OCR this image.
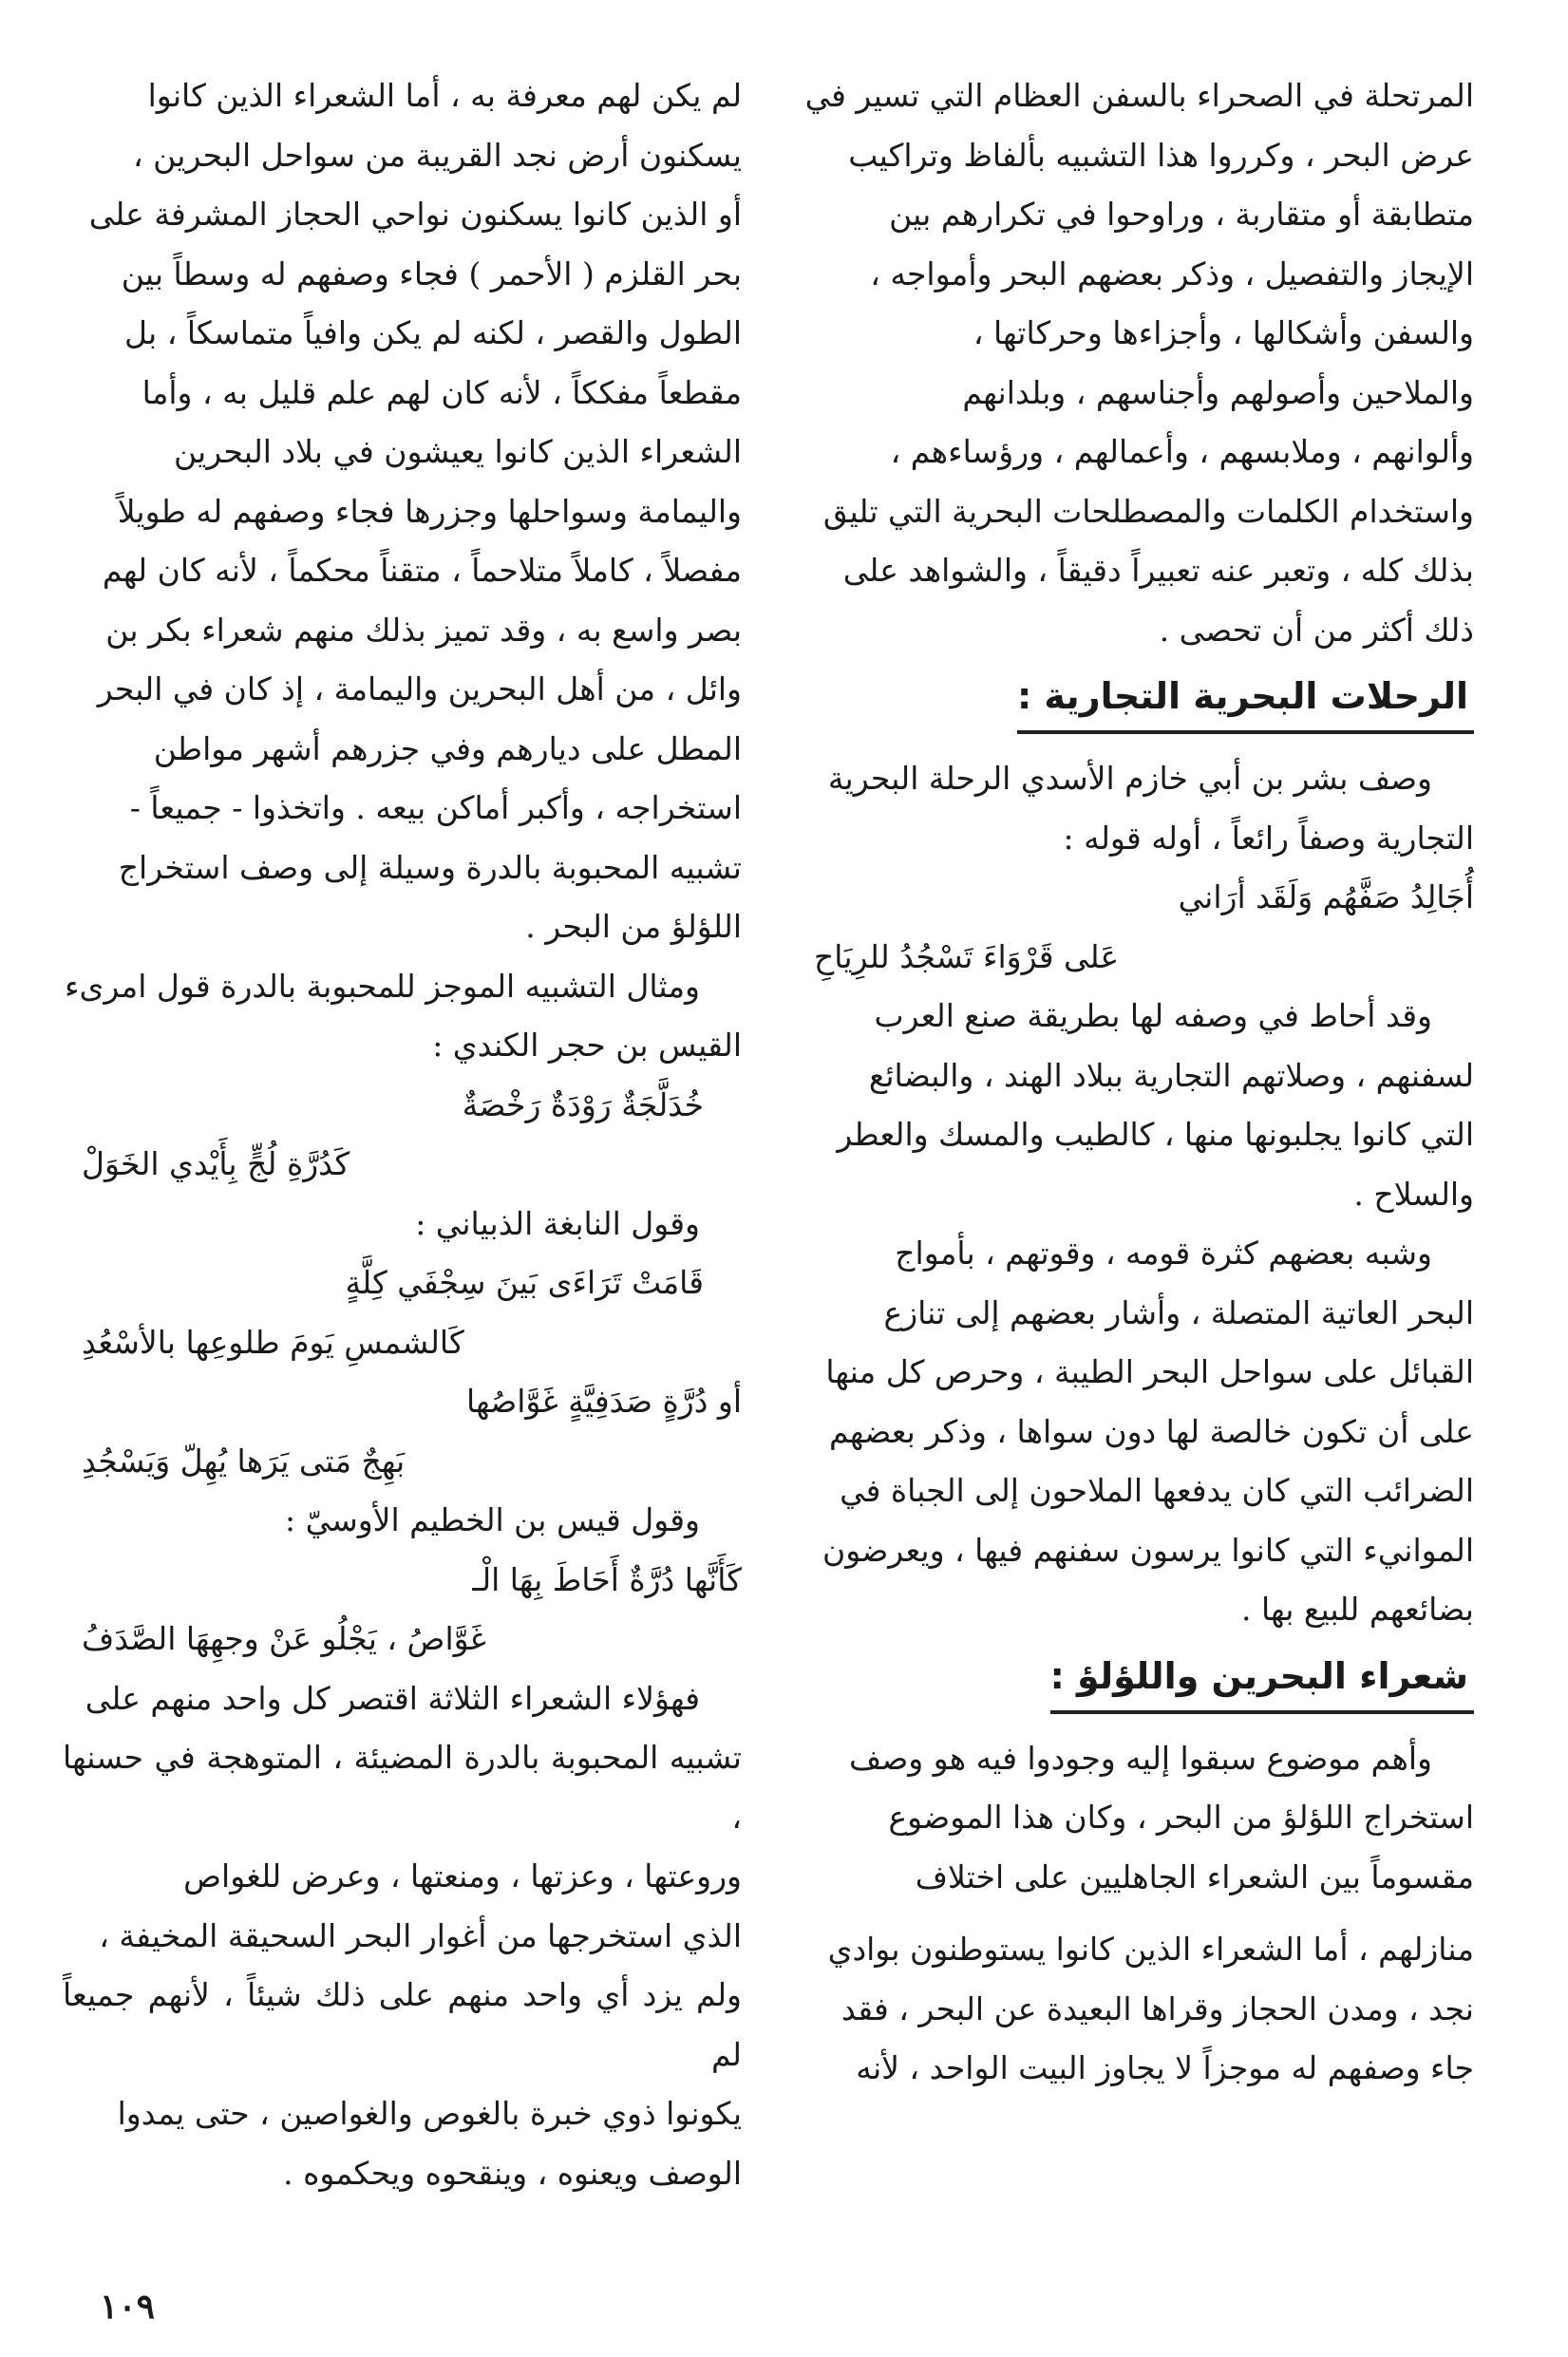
المرتحلة في الصحراء بالسفن العظام التي تسير في
عرض البحر ، وكرروا هذا التشبيه بألفاظ وتراكيب
متطابقة أو متقاربة ، وراوحوا في تكرارهم بين
الإيجاز والتفصيل ، وذكر بعضهم البحر وأمواجه ،
والسفن وأشكالها ، وأجزاءها وحركاتها ،
والملاحين وأصولهم وأجناسهم ، وبلدانهم
وألوانهم ، وملابسهم ، وأعمالهم ، ورؤساءهم ،
واستخدام الكلمات والمصطلحات البحرية التي تليق
بذلك كله ، وتعبر عنه تعبيراً دقيقاً ، والشواهد على
ذلك أكثر من أن تحصى .

الرحلات البحرية التجارية :

وصف بشر بن أبي خازم الأسدي الرحلة البحرية
التجارية وصفاً رائعاً ، أوله قوله :

أُجَالِدُ صَفَّهُم وَلَقَد أرَاني

عَلى قَرْوَاءَ تَسْجُدُ للرِيَاحِ

وقد أحاط في وصفه لها بطريقة صنع العرب
لسفنهم ، وصلاتهم التجارية ببلاد الهند ، والبضائع
التي كانوا يجلبونها منها ، كالطيب والمسك والعطر
والسلاح .

وشبه بعضهم كثرة قومه ، وقوتهم ، بأمواج
البحر العاتية المتصلة ، وأشار بعضهم إلى تنازع
القبائل على سواحل البحر الطيبة ، وحرص كل منها
على أن تكون خالصة لها دون سواها ، وذكر بعضهم
الضرائب التي كان يدفعها الملاحون إلى الجباة في
الموانيء التي كانوا يرسون سفنهم فيها ، ويعرضون
بضائعهم للبيع بها .

شعراء البحرين واللؤلؤ :

وأهم موضوع سبقوا إليه وجودوا فيه هو وصف
استخراج اللؤلؤ من البحر ، وكان هذا الموضوع
مقسوماً بين الشعراء الجاهليين على اختلاف

منازلهم ، أما الشعراء الذين كانوا يستوطنون بوادي
نجد ، ومدن الحجاز وقراها البعيدة عن البحر ، فقد
جاء وصفهم له موجزاً لا يجاوز البيت الواحد ، لأنه

لم يكن لهم معرفة به ، أما الشعراء الذين كانوا
يسكنون أرض نجد القريبة من سواحل البحرين ،
أو الذين كانوا يسكنون نواحي الحجاز المشرفة على
بحر القلزم ( الأحمر ) فجاء وصفهم له وسطاً بين
الطول والقصر ، لكنه لم يكن وافياً متماسكاً ، بل
مقطعاً مفككاً ، لأنه كان لهم علم قليل به ، وأما
الشعراء الذين كانوا يعيشون في بلاد البحرين
واليمامة وسواحلها وجزرها فجاء وصفهم له طويلاً
مفصلاً ، كاملاً متلاحماً ، متقناً محكماً ، لأنه كان لهم
بصر واسع به ، وقد تميز بذلك منهم شعراء بكر بن
وائل ، من أهل البحرين واليمامة ، إذ كان في البحر
المطل على ديارهم وفي جزرهم أشهر مواطن
استخراجه ، وأكبر أماكن بيعه . واتخذوا - جميعاً -
تشبيه المحبوبة بالدرة وسيلة إلى وصف استخراج
اللؤلؤ من البحر .

ومثال التشبيه الموجز للمحبوبة بالدرة قول امرىء
القيس بن حجر الكندي :

خُدَلَّجَةٌ رَوْدَةٌ رَخْصَةٌ

كَدُرَّةِ لُجٍّ بِأَيْدي الخَوَلْ

وقول النابغة الذبياني :

قَامَتْ تَرَاءَى بَينَ سِجْفَي كِلَّةٍ

كَالشمسِ يَومَ طلوعِها بالأسْعُدِ

أو دُرَّةٍ صَدَفِيَّةٍ غَوَّاصُها

بَهِجٌ مَتى يَرَها يُهِلّ وَيَسْجُدِ

وقول قيس بن الخطيم الأوسيّ :

كَأَنَّها دُرَّةٌ أَحَاطَ بِهَا الْـ

غَوَّاصُ ، يَجْلُو عَنْ وجهِهَا الصَّدَفُ

فهؤلاء الشعراء الثلاثة اقتصر كل واحد منهم على
تشبيه المحبوبة بالدرة المضيئة ، المتوهجة في حسنها ،
وروعتها ، وعزتها ، ومنعتها ، وعرض للغواص
الذي استخرجها من أغوار البحر السحيقة المخيفة ،
ولم يزد أي واحد منهم على ذلك شيئاً ، لأنهم جميعاً لم
يكونوا ذوي خبرة بالغوص والغواصين ، حتى يمدوا
الوصف ويعنوه ، وينقحوه ويحكموه .

١٠٩
